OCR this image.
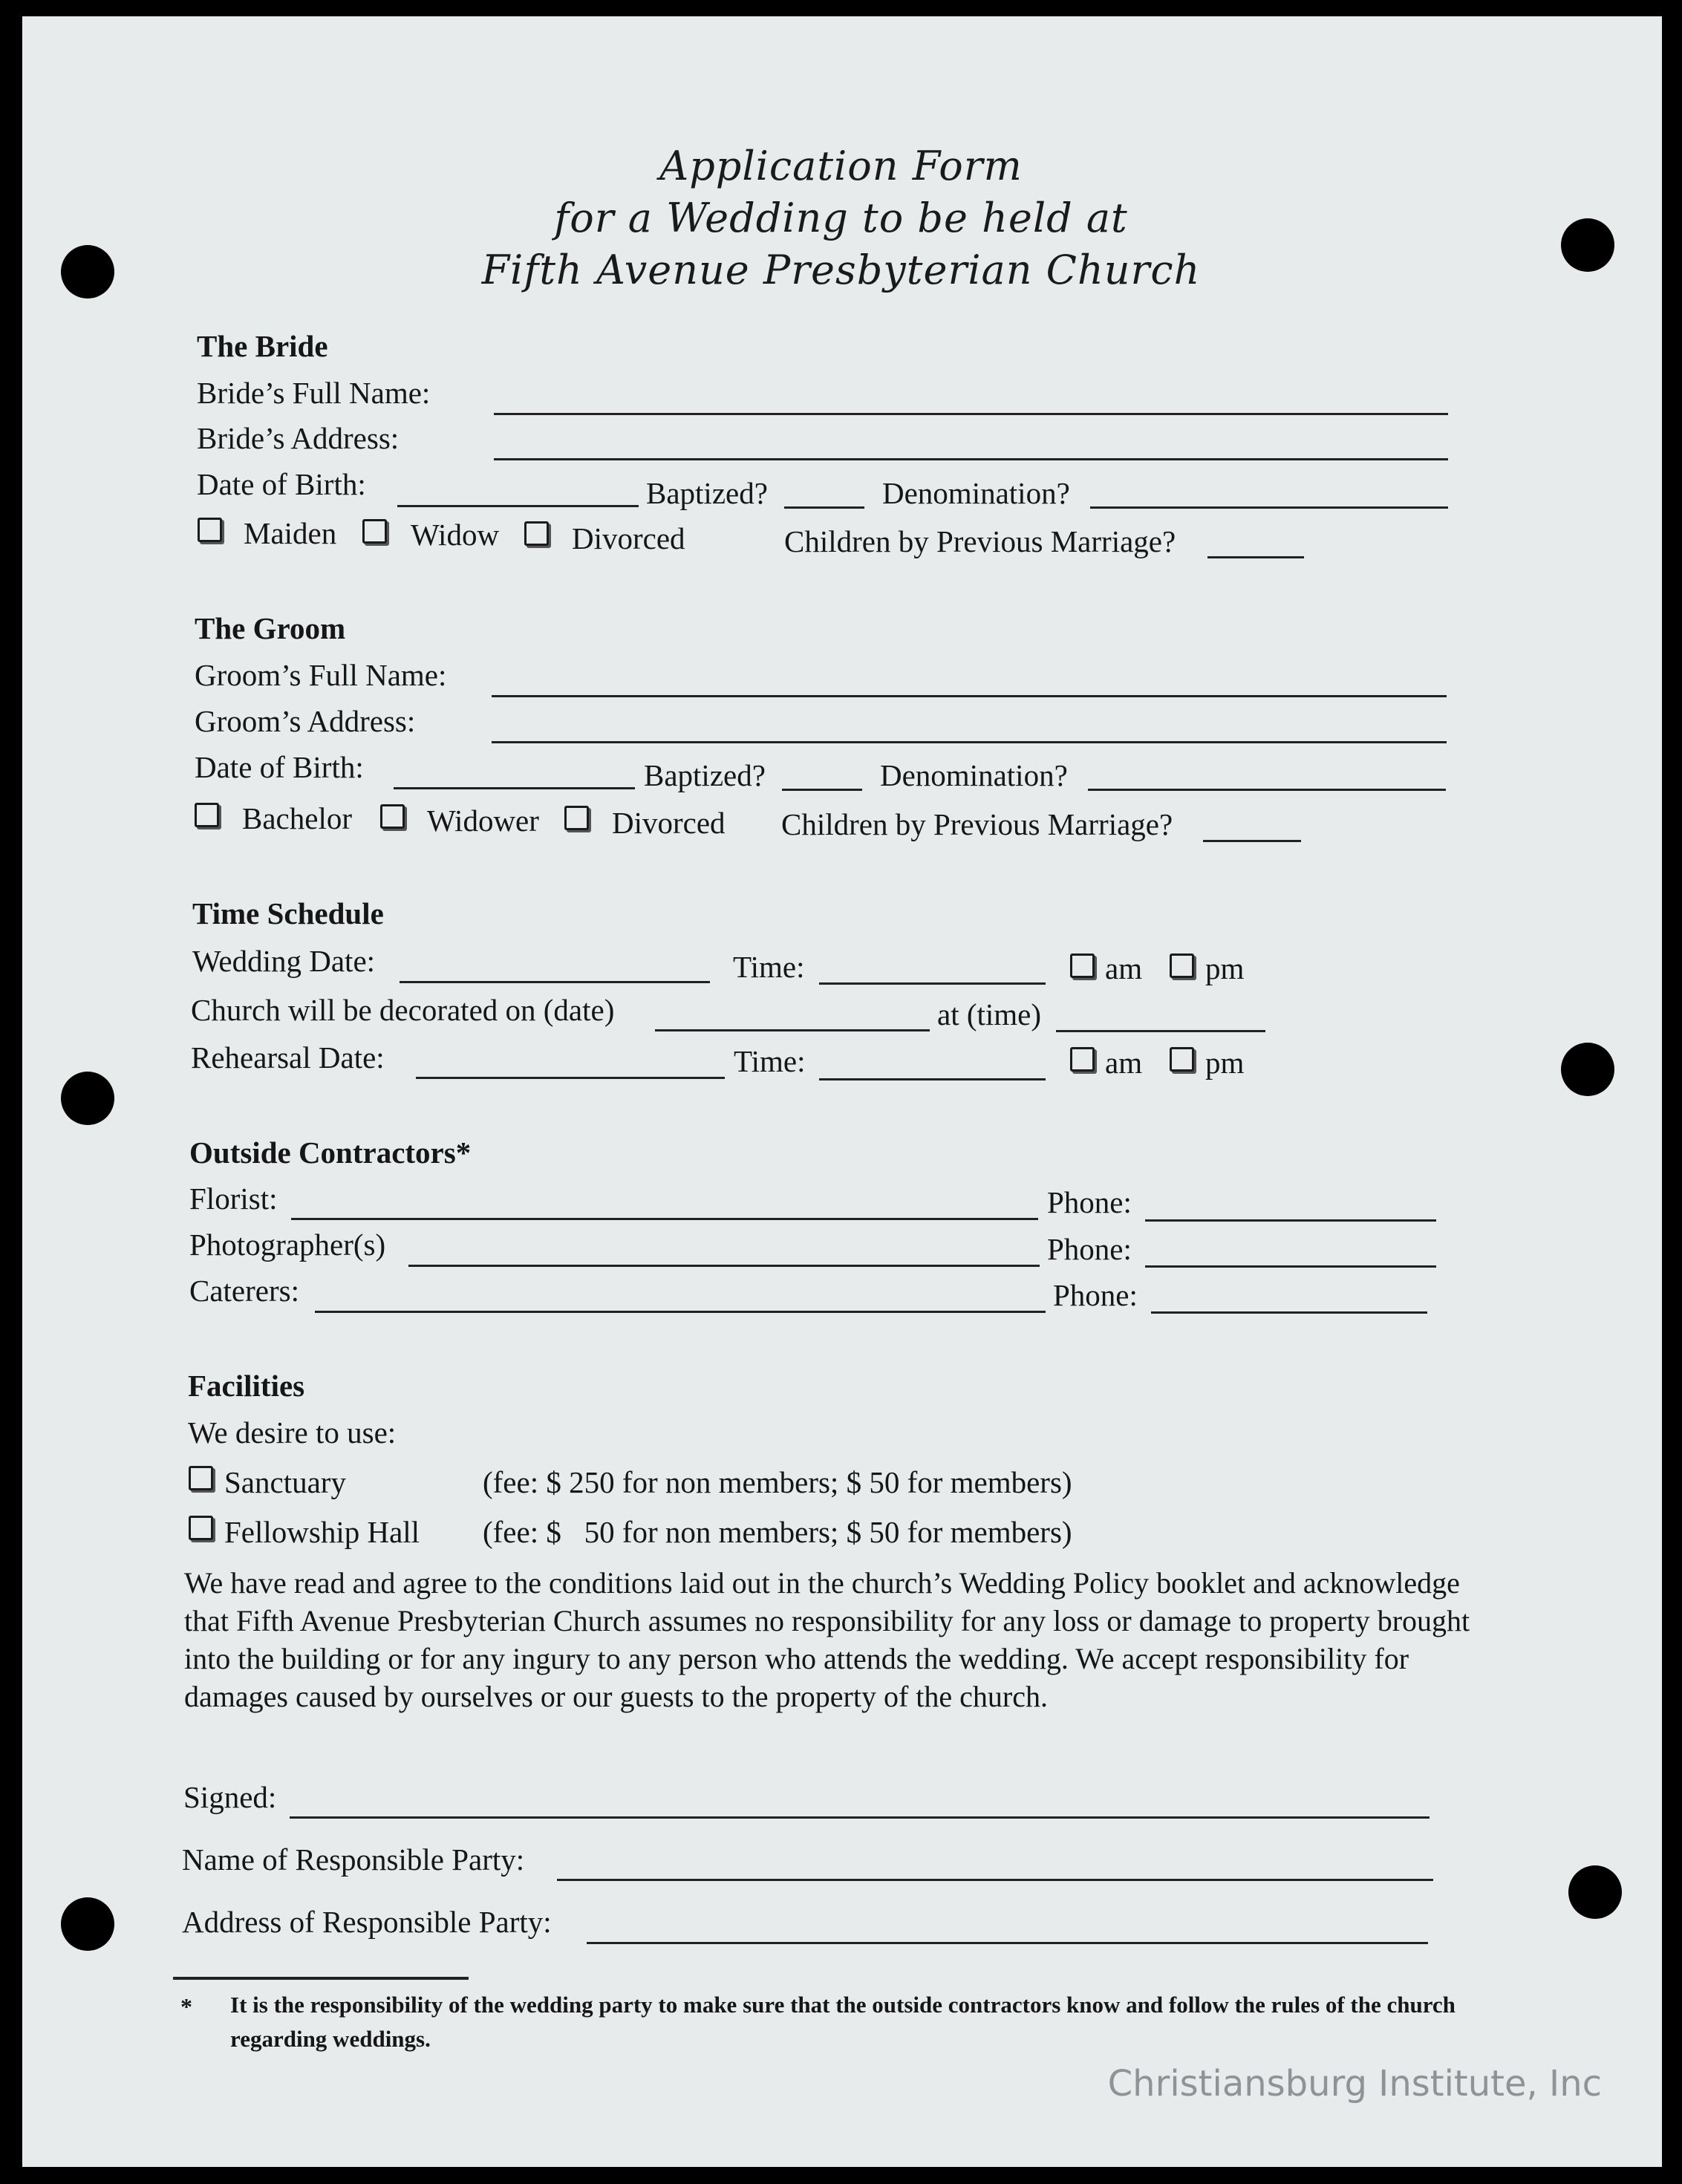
Application Form
for a Wedding to be held at
Fifth Avenue Presbyterian Church
The Bride
Bride’s Full Name:
Bride’s Address:
Date of Birth:	Baptized?	Denomination?
Maiden Widow Divorced	Children by Previous Marriage?
The Groom
Groom’s Full Name:
Groom’s Address:
Date of Birth:	Baptized?	Denomination?
Bachelor Widower Divorced Children by Previous Marriage?
Time Schedule
Wedding Date:	Time:	am pm
Church will be decorated on (date)	at (time)
Rehearsal Date:	Time:	am pm
Outside Contractors*
Florist:	Phone:
Photographer(s)	Phone:
Caterers:	Phone:
Facilities
We desire to use:
Sanctuary	(fee: $ 250 for non members; $ 50 for members)
Fellowship Hall (fee: $   50 for non members; $ 50 for members)
We have read and agree to the conditions laid out in the church’s Wedding Policy booklet and acknowledge that Fifth Avenue Presbyterian Church assumes no responsibility for any loss or damage to property brought into the building or for any ingury to any person who attends the wedding. We accept responsibility for damages caused by ourselves or our guests to the property of the church.
Signed:
Name of Responsible Party:
Address of Responsible Party:
* It is the responsibility of the wedding party to make sure that the outside contractors know and follow the rules of the church regarding weddings.
Christiansburg Institute, Inc
